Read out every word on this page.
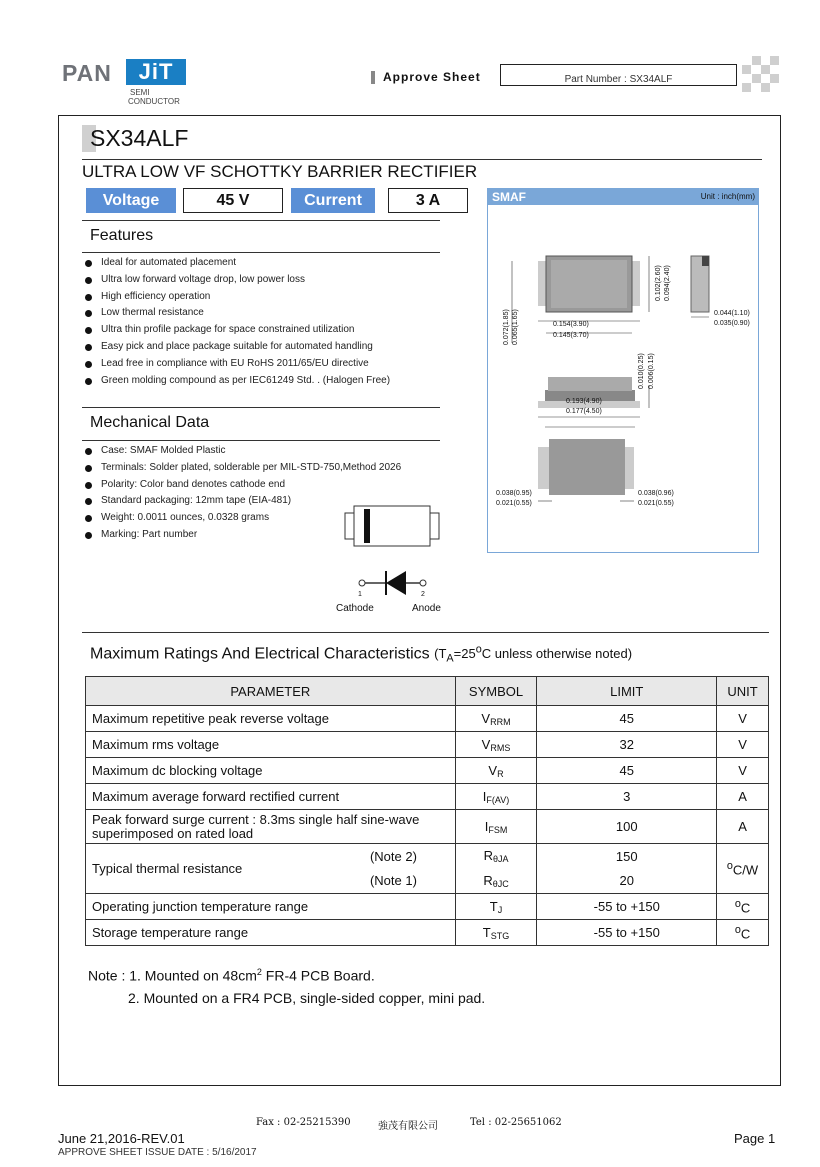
PAN	JiT
SEMI
CONDUCTOR
Approve Sheet	Part Number : SX34ALF
SX34ALF
ULTRA LOW VF SCHOTTKY BARRIER RECTIFIER
Voltage	45 V	Current	3 A
Features
Ideal for automated placement
Ultra low forward voltage drop, low power loss
High efficiency operation
Low thermal resistance
Ultra thin profile package for space constrained utilization
Easy pick and place package suitable for automated handling
Lead free in compliance with EU RoHS 2011/65/EU directive
Green molding compound as per IEC61249 Std. . (Halogen Free)
Mechanical Data
Case: SMAF Molded Plastic
Terminals: Solder plated, solderable per MIL-STD-750,Method 2026
Polarity: Color band denotes cathode end
Standard packaging: 12mm tape (EIA-481)
Weight: 0.0011 ounces, 0.0328 grams
Marking: Part number
1	2
Cathode	Anode
SMAF	Unit : inch(mm)
0.154(3.90)
0.145(3.70)
0.102(2.60) 0.094(2.40)
0.072(1.85) 0.065(1.65)	0.044(1.10)
0.035(0.90)
0.193(4.90)
0.177(4.50)
0.010(0.25) 0.006(0.15)
0.038(0.95)
0.021(0.55)
0.038(0.96)
0.021(0.55)
Maximum Ratings And Electrical Characteristics ($T_A=25^oC$ unless otherwise noted)
PARAMETER		SYMBOL	LIMIT	UNIT
Maximum repetitive peak reverse voltage		$V_{RRM}$	45	V
Maximum rms voltage		$V_{RMS}$	32	V
Maximum dc blocking voltage		$V_R$	45	V
Maximum average forward rectified current		$I_{F(AV)}$	3	A
Peak forward surge current : 8.3ms single half sine-wave superimposed on rated load		$I_{FSM}$	100	A
Typical thermal resistance	(Note 2)	$R_{\theta JA}$	150	$^o$C/W
	(Note 1)	$R_{\theta JC}$	20	
Operating junction temperature range		$T_J$	-55 to +150	$^o$C
Storage temperature range		$T_{STG}$	-55 to +150	$^o$C
Note : 1. Mounted on $48cm^2$ FR-4 PCB Board.
2. Mounted on a FR4 PCB, single-sided copper, mini pad.
Fax : 02-25215390	強茂有限公司	Tel : 02-25651062
June 21,2016-REV.01	Page 1
APPROVE SHEET ISSUE DATE : 5/16/2017
